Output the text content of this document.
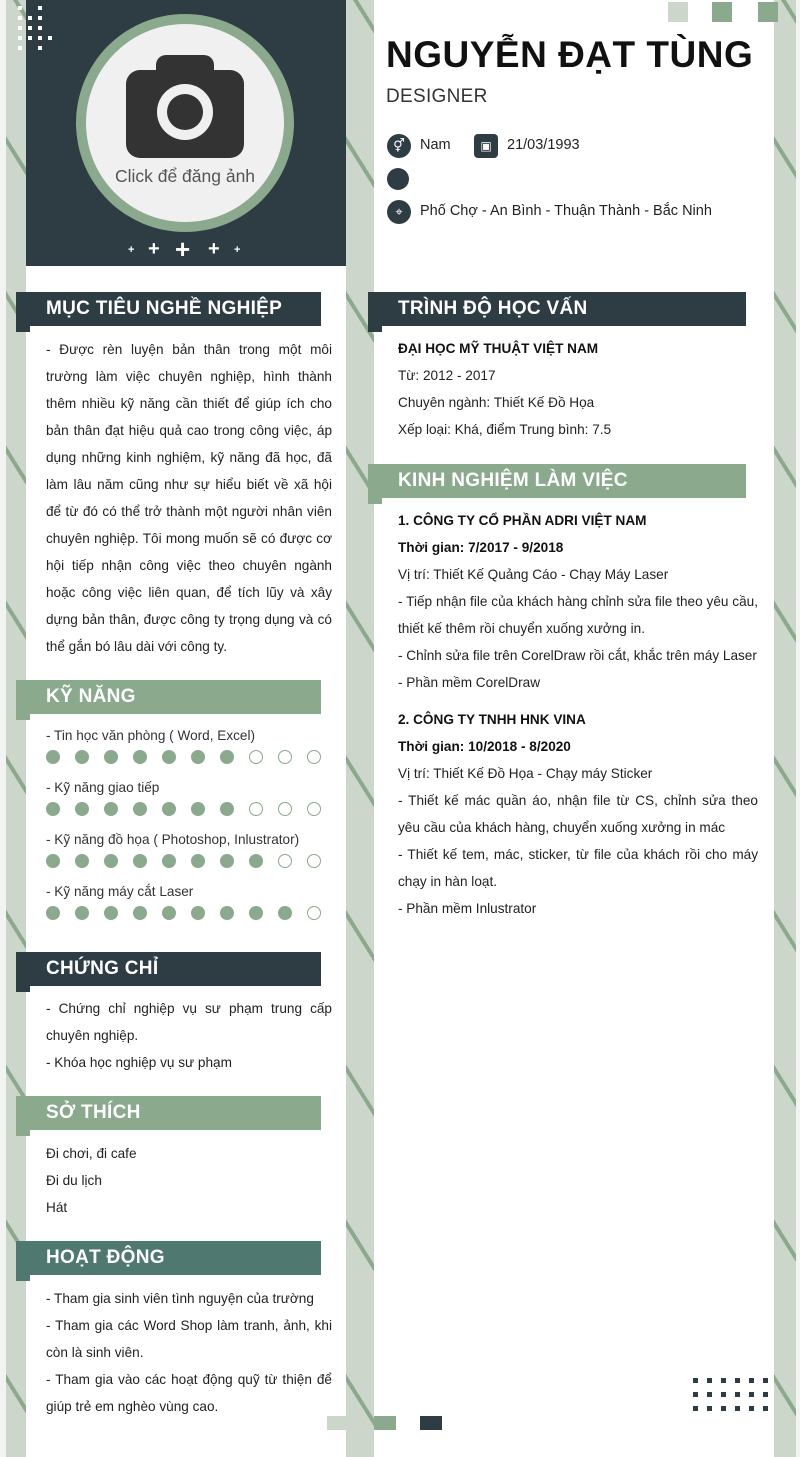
Click để đăng ảnh
+ + + + +
NGUYỄN ĐẠT TÙNG
DESIGNER
⚥	Nam	▣	21/03/1993
⌖	Phố Chợ - An Bình - Thuận Thành - Bắc Ninh
MỤC TIÊU NGHỀ NGHIỆP
- Được rèn luyện bản thân trong một môi trường làm việc chuyên nghiệp, hình thành thêm nhiều kỹ năng cần thiết để giúp ích cho bản thân đạt hiệu quả cao trong công việc, áp dụng những kinh nghiệm, kỹ năng đã học, đã làm lâu năm cũng như sự hiểu biết về xã hội để từ đó có thể trở thành một người nhân viên chuyên nghiệp. Tôi mong muốn sẽ có được cơ hội tiếp nhận công việc theo chuyên ngành hoặc công việc liên quan, để tích lũy và xây dựng bản thân, được công ty trọng dụng và có thể gắn bó lâu dài với công ty.
KỸ NĂNG
- Tin học văn phòng ( Word, Excel)
- Kỹ năng giao tiếp
- Kỹ năng đồ họa ( Photoshop, Inlustrator)
- Kỹ năng máy cắt Laser
CHỨNG CHỈ

- Chứng chỉ nghiệp vụ sư phạm trung cấp chuyên nghiệp.

- Khóa học nghiệp vụ sư phạm

SỞ THÍCH

Đi chơi, đi cafe

Đi du lịch

Hát

HOẠT ĐỘNG

- Tham gia sinh viên tình nguyện của trường

- Tham gia các Word Shop làm tranh, ảnh, khi còn là sinh viên.

- Tham gia vào các hoạt động quỹ từ thiện để giúp trẻ em nghèo vùng cao.

TRÌNH ĐỘ HỌC VẤN

ĐẠI HỌC MỸ THUẬT VIỆT NAM

Từ: 2012 - 2017

Chuyên ngành: Thiết Kế Đồ Họa

Xếp loại: Khá, điểm Trung bình: 7.5

KINH NGHIỆM LÀM VIỆC

1. CÔNG TY CỔ PHẦN ADRI VIỆT NAM

Thời gian: 7/2017 - 9/2018

Vị trí: Thiết Kế Quảng Cáo - Chạy Máy Laser

- Tiếp nhận file của khách hàng chỉnh sửa file theo yêu cầu, thiết kế thêm rồi chuyển xuống xưởng in.

- Chỉnh sửa file trên CorelDraw rồi cắt, khắc trên máy Laser

- Phần mềm CorelDraw

2. CÔNG TY TNHH HNK VINA

Thời gian: 10/2018 - 8/2020

Vị trí: Thiết Kế Đồ Họa - Chạy máy Sticker

- Thiết kế mác quần áo, nhận file từ CS, chỉnh sửa theo yêu cầu của khách hàng, chuyển xuống xưởng in mác

- Thiết kế tem, mác, sticker, từ file của khách rồi cho máy chạy in hàn loạt.

- Phần mềm Inlustrator
